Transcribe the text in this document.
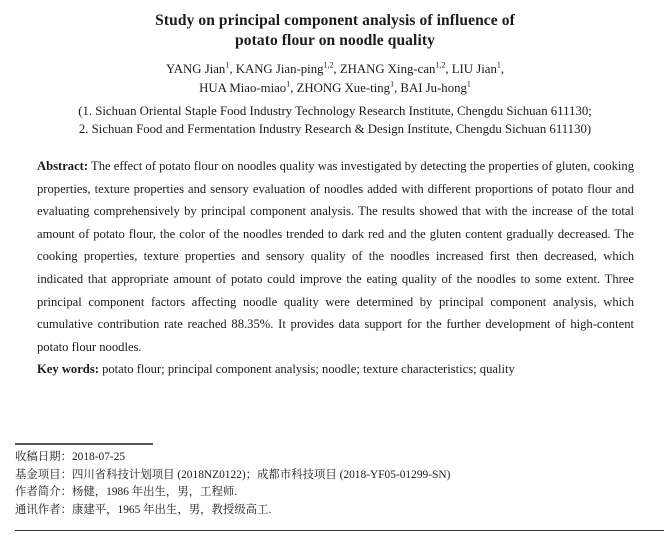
Study on principal component analysis of influence of
potato flour on noodle quality

YANG Jian$^1$, KANG Jian-ping$^{1,2}$, ZHANG Xing-can$^{1,2}$, LIU Jian$^1$,

HUA Miao-miao$^1$, ZHONG Xue-ting$^1$, BAI Ju-hong$^1$

(1. Sichuan Oriental Staple Food Industry Technology Research Institute, Chengdu Sichuan 611130;

2. Sichuan Food and Fermentation Industry Research & Design Institute, Chengdu Sichuan 611130)

Abstract: The effect of potato flour on noodles quality was investigated by detecting the properties of gluten, cooking properties, texture properties and sensory evaluation of noodles added with different proportions of potato flour and evaluating comprehensively by principal component analysis. The results showed that with the increase of the total amount of potato flour, the color of the noodles trended to dark red and the gluten content gradually decreased. The cooking properties, texture properties and sensory quality of the noodles increased first then decreased, which indicated that appropriate amount of potato could improve the eating quality of the noodles to some extent. Three principal component factors affecting noodle quality were determined by principal component analysis, which cumulative contribution rate reached 88.35%. It provides data support for the further development of high-content potato flour noodles.

Key words: potato flour; principal component analysis; noodle; texture characteristics; quality

收稿日期：2018-07-25

基金项目：四川省科技计划项目 (2018NZ0122)；成都市科技项目 (2018-YF05-01299-SN)

作者简介：杨健，1986 年出生，男，工程师.

通讯作者：康建平，1965 年出生，男，教授级高工.
